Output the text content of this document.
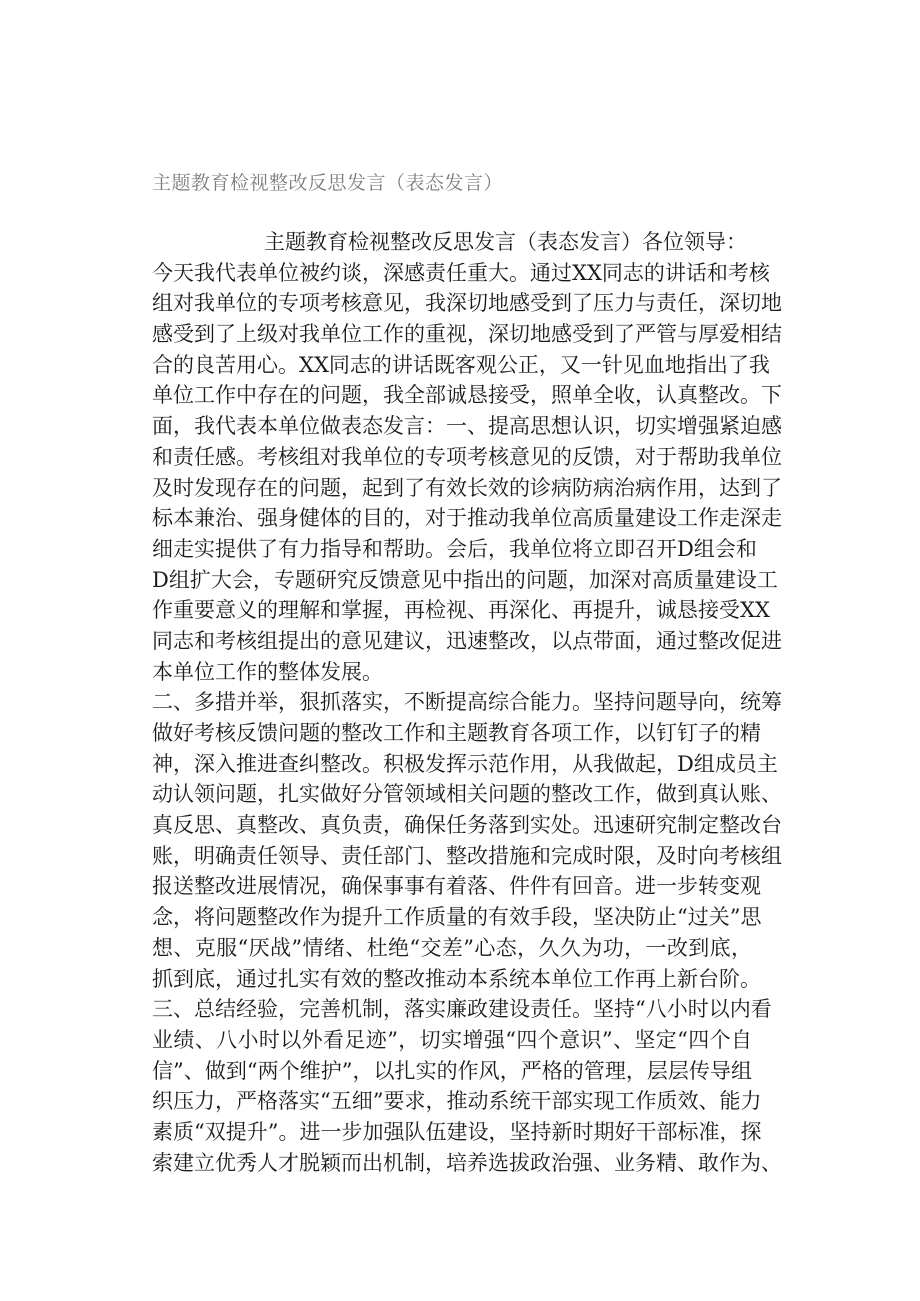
主题教育检视整改反思发言（表态发言）
主题教育检视整改反思发言（表态发言）各位领导：
今天我代表单位被约谈，深感责任重大。通过XX同志的讲话和考核
组对我单位的专项考核意见，我深切地感受到了压力与责任，深切地
感受到了上级对我单位工作的重视，深切地感受到了严管与厚爱相结
合的良苦用心。XX同志的讲话既客观公正，又一针见血地指出了我
单位工作中存在的问题，我全部诚恳接受，照单全收，认真整改。下
面，我代表本单位做表态发言：一、提高思想认识，切实增强紧迫感
和责任感。考核组对我单位的专项考核意见的反馈，对于帮助我单位
及时发现存在的问题，起到了有效长效的诊病防病治病作用，达到了
标本兼治、强身健体的目的，对于推动我单位高质量建设工作走深走
细走实提供了有力指导和帮助。会后，我单位将立即召开D组会和
D组扩大会，专题研究反馈意见中指出的问题，加深对高质量建设工
作重要意义的理解和掌握，再检视、再深化、再提升，诚恳接受XX
同志和考核组提出的意见建议，迅速整改，以点带面，通过整改促进
本单位工作的整体发展。
二、多措并举，狠抓落实，不断提高综合能力。坚持问题导向，统筹
做好考核反馈问题的整改工作和主题教育各项工作，以钉钉子的精
神，深入推进查纠整改。积极发挥示范作用，从我做起，D组成员主
动认领问题，扎实做好分管领域相关问题的整改工作，做到真认账、
真反思、真整改、真负责，确保任务落到实处。迅速研究制定整改台
账，明确责任领导、责任部门、整改措施和完成时限，及时向考核组
报送整改进展情况，确保事事有着落、件件有回音。进一步转变观
念，将问题整改作为提升工作质量的有效手段，坚决防止“过关”思
想、克服“厌战”情绪、杜绝“交差”心态，久久为功，一改到底，
抓到底，通过扎实有效的整改推动本系统本单位工作再上新台阶。
三、总结经验，完善机制，落实廉政建设责任。坚持“八小时以内看
业绩、八小时以外看足迹”，切实增强“四个意识”、坚定“四个自
信”、做到“两个维护”，以扎实的作风，严格的管理，层层传导组
织压力，严格落实“五细”要求，推动系统干部实现工作质效、能力
素质“双提升”。进一步加强队伍建设，坚持新时期好干部标准，探
索建立优秀人才脱颖而出机制，培养选拔政治强、业务精、敢作为、
